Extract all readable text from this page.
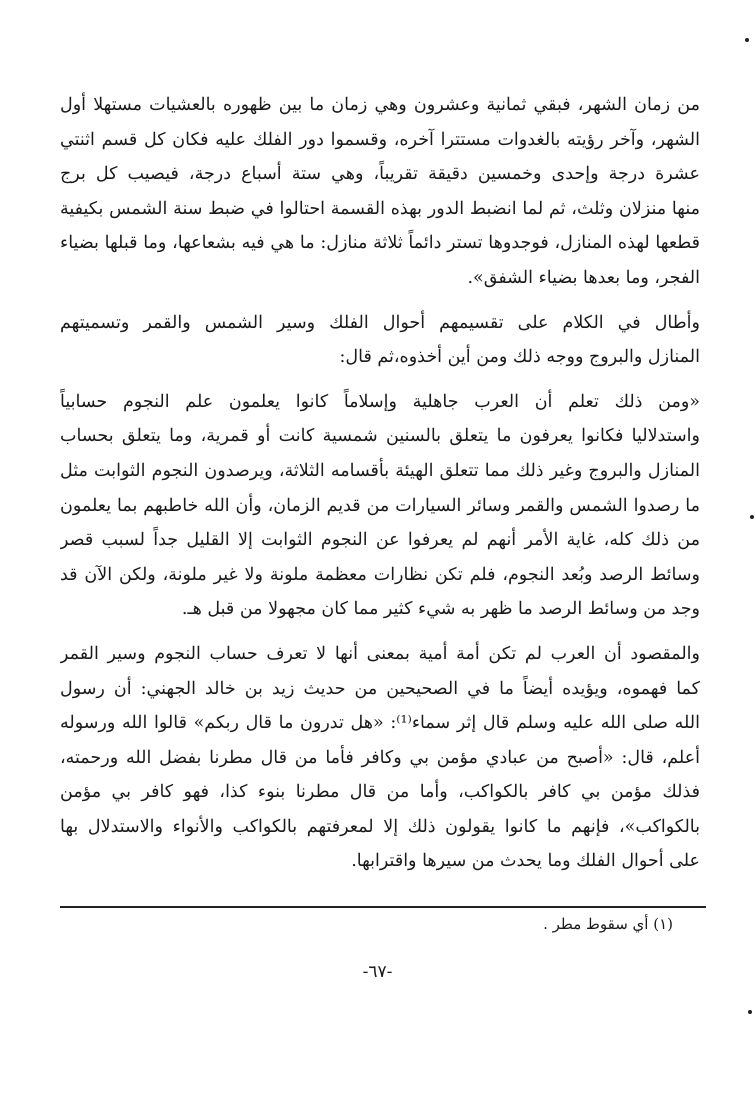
من زمان الشهر، فبقي ثمانية وعشرون وهي زمان ما بين ظهوره بالعشيات مستهلا أول
الشهر، وآخر رؤيته بالغدوات مستترا آخره، وقسموا دور الفلك عليه فكان كل قسم اثنتي
عشرة درجة وإحدى وخمسين دقيقة تقريباً، وهي ستة أسباع درجة، فيصيب كل برج
منها منزلان وثلث، ثم لما انضبط الدور بهذه القسمة احتالوا في ضبط سنة الشمس بكيفية
قطعها لهذه المنازل، فوجدوها تستر دائماً ثلاثة منازل: ما هي فيه بشعاعها، وما قبلها بضياء
الفجر، وما بعدها بضياء الشفق».
وأطال في الكلام على تقسيمهم أحوال الفلك وسير الشمس والقمر وتسميتهم
المنازل والبروج ووجه ذلك ومن أين أخذوه،ثم قال:
«ومن ذلك تعلم أن العرب جاهلية وإسلاماً كانوا يعلمون علم النجوم حسابياً
واستدلاليا فكانوا يعرفون ما يتعلق بالسنين شمسية كانت أو قمرية، وما يتعلق بحساب
المنازل والبروج وغير ذلك مما تتعلق الهيئة بأقسامه الثلاثة، ويرصدون النجوم الثوابت مثل
ما رصدوا الشمس والقمر وسائر السيارات من قديم الزمان، وأن الله خاطبهم بما يعلمون
من ذلك كله، غاية الأمر أنهم لم يعرفوا عن النجوم الثوابت إلا القليل جداً لسبب قصر
وسائط الرصد وبُعد النجوم، فلم تكن نظارات معظمة ملونة ولا غير ملونة، ولكن الآن قد
وجد من وسائط الرصد ما ظهر به شيء كثير مما كان مجهولا من قبل هـ.
والمقصود أن العرب لم تكن أمة أمية بمعنى أنها لا تعرف حساب النجوم وسير القمر
كما فهموه، ويؤيده أيضاً ما في الصحيحين من حديث زيد بن خالد الجهني: أن رسول
الله صلى الله عليه وسلم قال إثر سماء⁽¹⁾: «هل تدرون ما قال ربكم» قالوا الله ورسوله
أعلم، قال: «أصبح من عبادي مؤمن بي وكافر فأما من قال مطرنا بفضل الله ورحمته،
فذلك مؤمن بي كافر بالكواكب، وأما من قال مطرنا بنوء كذا، فهو كافر بي مؤمن
بالكواكب»، فإنهم ما كانوا يقولون ذلك إلا لمعرفتهم بالكواكب والأنواء والاستدلال بها
على أحوال الفلك وما يحدث من سيرها واقترابها.
(١) أي سقوط مطر .
-٦٧-
